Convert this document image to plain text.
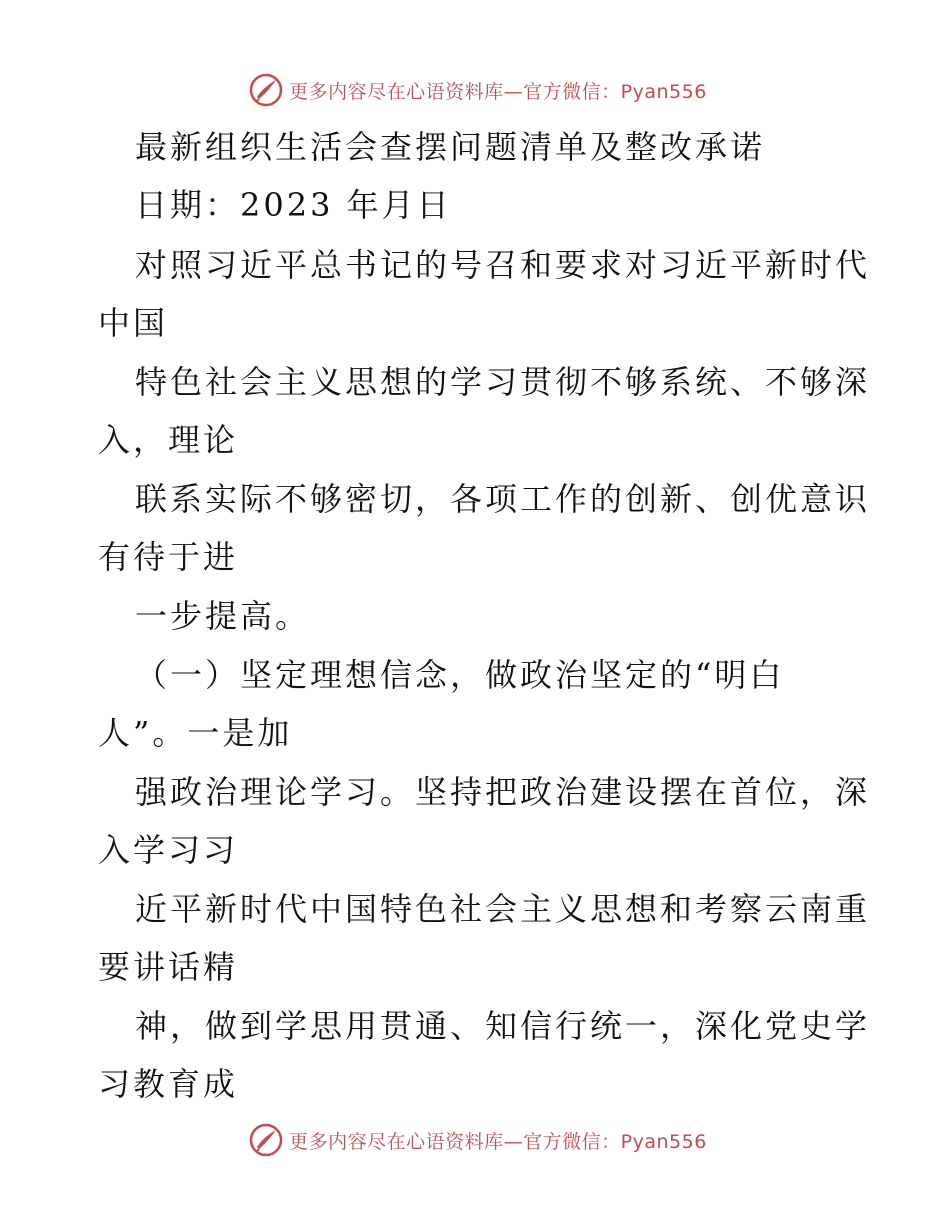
更多内容尽在心语资料库—官方微信：Pyan556
最新组织生活会查摆问题清单及整改承诺
日期：2023 年月日
对照习近平总书记的号召和要求对习近平新时代
中国
特色社会主义思想的学习贯彻不够系统、不够深
入，理论
联系实际不够密切，各项工作的创新、创优意识
有待于进
一步提高。
（一）坚定理想信念，做政治坚定的“明白
人”。一是加
强政治理论学习。坚持把政治建设摆在首位，深
入学习习
近平新时代中国特色社会主义思想和考察云南重
要讲话精
神，做到学思用贯通、知信行统一，深化党史学
习教育成
更多内容尽在心语资料库—官方微信：Pyan556
